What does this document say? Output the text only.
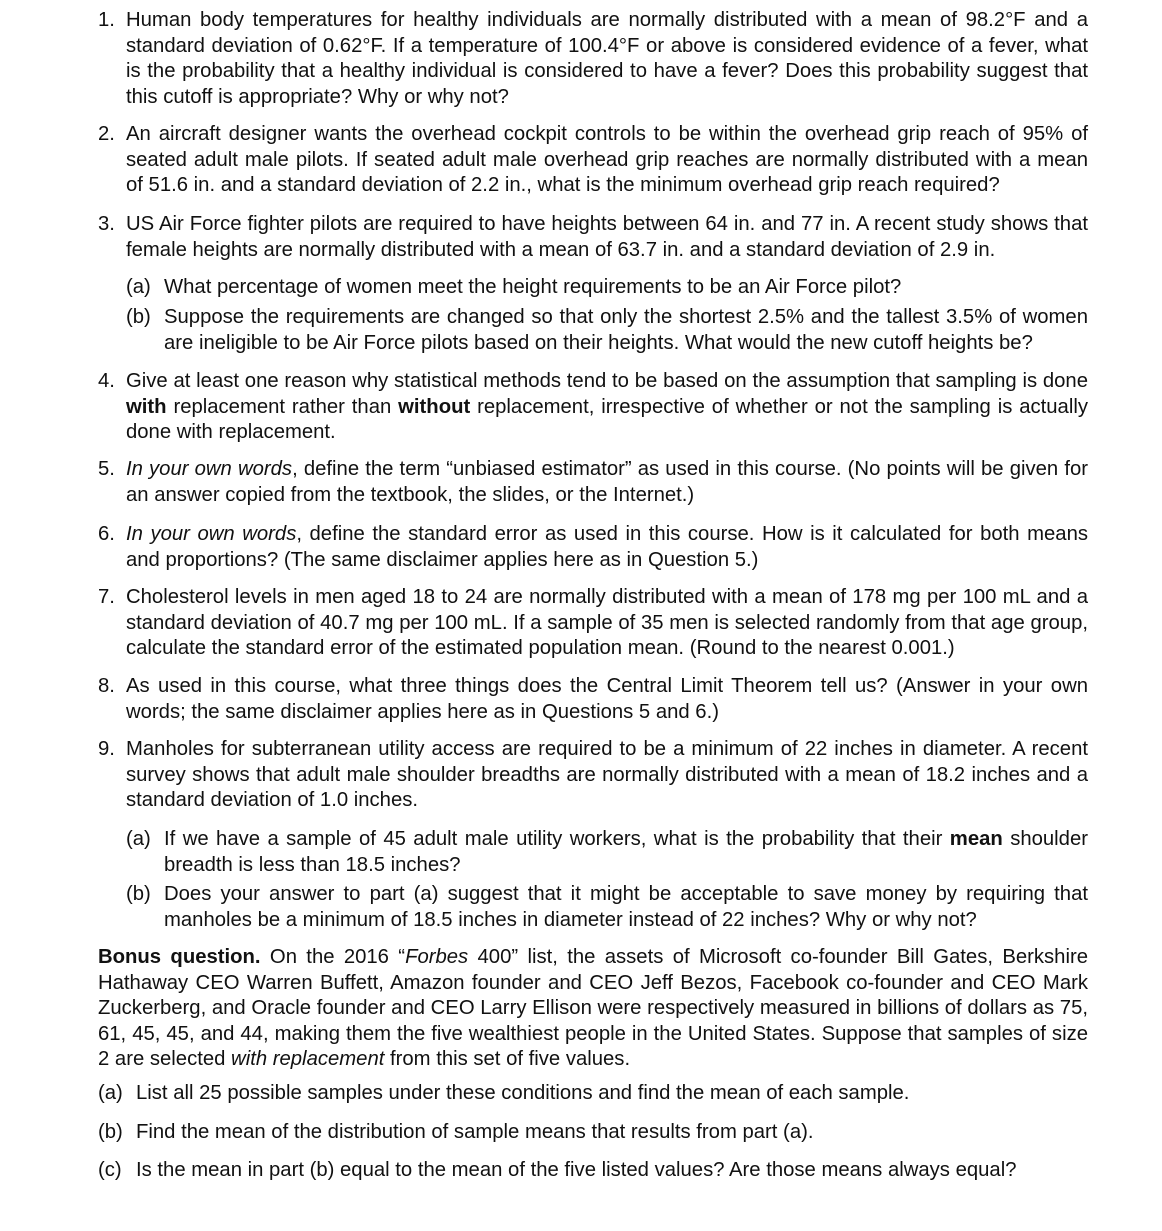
1. Human body temperatures for healthy individuals are normally distributed with a mean of 98.2°F and a standard deviation of 0.62°F. If a temperature of 100.4°F or above is considered evidence of a fever, what is the probability that a healthy individual is considered to have a fever? Does this probability suggest that this cutoff is appropriate? Why or why not?

2. An aircraft designer wants the overhead cockpit controls to be within the overhead grip reach of 95% of seated adult male pilots. If seated adult male overhead grip reaches are normally distributed with a mean of 51.6 in. and a standard deviation of 2.2 in., what is the minimum overhead grip reach required?

3. US Air Force fighter pilots are required to have heights between 64 in. and 77 in. A recent study shows that female heights are normally distributed with a mean of 63.7 in. and a standard deviation of 2.9 in.

(a) What percentage of women meet the height requirements to be an Air Force pilot?

(b) Suppose the requirements are changed so that only the shortest 2.5% and the tallest 3.5% of women are ineligible to be Air Force pilots based on their heights. What would the new cutoff heights be?

4. Give at least one reason why statistical methods tend to be based on the assumption that sampling is done with replacement rather than without replacement, irrespective of whether or not the sampling is actually done with replacement.

5. In your own words, define the term “unbiased estimator” as used in this course. (No points will be given for an answer copied from the textbook, the slides, or the Internet.)

6. In your own words, define the standard error as used in this course. How is it calculated for both means and proportions? (The same disclaimer applies here as in Question 5.)

7. Cholesterol levels in men aged 18 to 24 are normally distributed with a mean of 178 mg per 100 mL and a standard deviation of 40.7 mg per 100 mL. If a sample of 35 men is selected randomly from that age group, calculate the standard error of the estimated population mean. (Round to the nearest 0.001.)

8. As used in this course, what three things does the Central Limit Theorem tell us? (Answer in your own words; the same disclaimer applies here as in Questions 5 and 6.)

9. Manholes for subterranean utility access are required to be a minimum of 22 inches in diameter. A recent survey shows that adult male shoulder breadths are normally distributed with a mean of 18.2 inches and a standard deviation of 1.0 inches.

(a) If we have a sample of 45 adult male utility workers, what is the probability that their mean shoulder breadth is less than 18.5 inches?

(b) Does your answer to part (a) suggest that it might be acceptable to save money by requiring that manholes be a minimum of 18.5 inches in diameter instead of 22 inches? Why or why not?

Bonus question. On the 2016 “Forbes 400” list, the assets of Microsoft co-founder Bill Gates, Berkshire Hathaway CEO Warren Buffett, Amazon founder and CEO Jeff Bezos, Facebook co-founder and CEO Mark Zuckerberg, and Oracle founder and CEO Larry Ellison were respectively measured in billions of dollars as 75, 61, 45, 45, and 44, making them the five wealthiest people in the United States. Suppose that samples of size 2 are selected with replacement from this set of five values.

(a) List all 25 possible samples under these conditions and find the mean of each sample.

(b) Find the mean of the distribution of sample means that results from part (a).

(c) Is the mean in part (b) equal to the mean of the five listed values? Are those means always equal?
